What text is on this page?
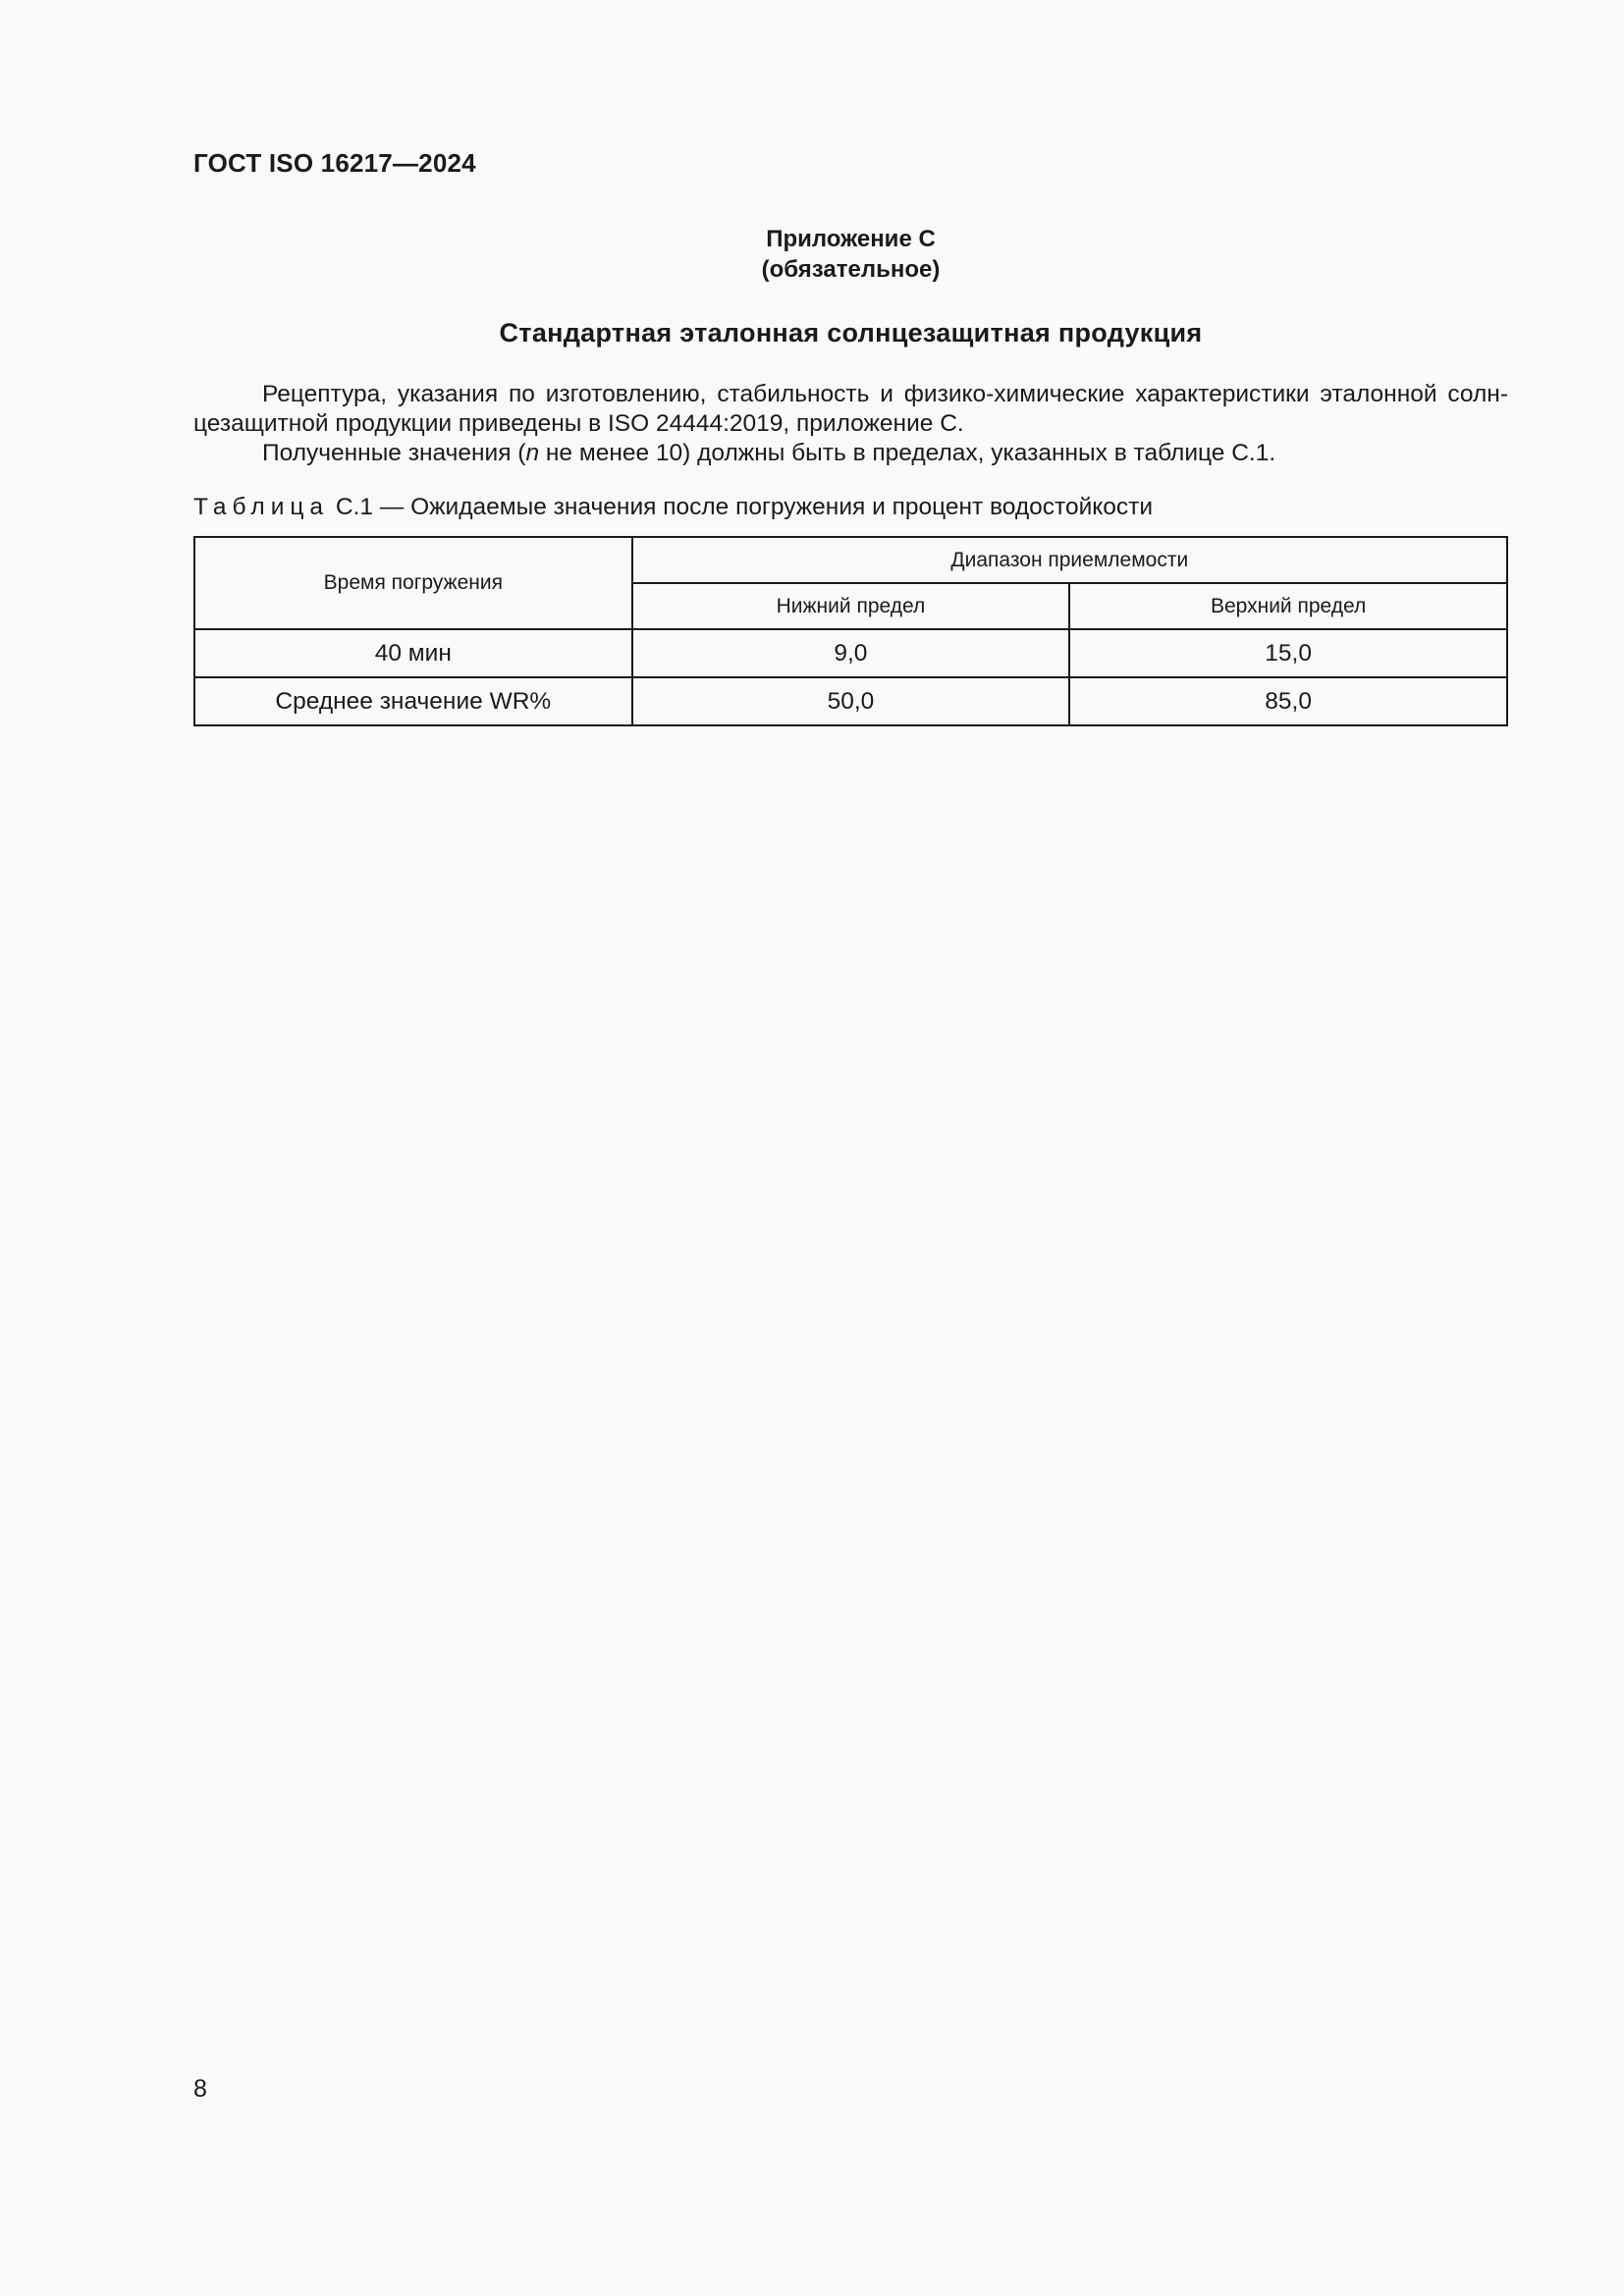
ГОСТ ISO 16217—2024
Приложение С
(обязательное)
Стандартная эталонная солнцезащитная продукция
Рецептура, указания по изготовлению, стабильность и физико-химические характеристики эталонной солн-цезащитной продукции приведены в ISO 24444:2019, приложение С.
Полученные значения (n не менее 10) должны быть в пределах, указанных в таблице С.1.
Таблица С.1 — Ожидаемые значения после погружения и процент водостойкости
Время погружения	Диапазон приемлемости	
	Нижний предел	Верхний предел
40 мин	9,0	15,0
Среднее значение WR%	50,0	85,0
8
